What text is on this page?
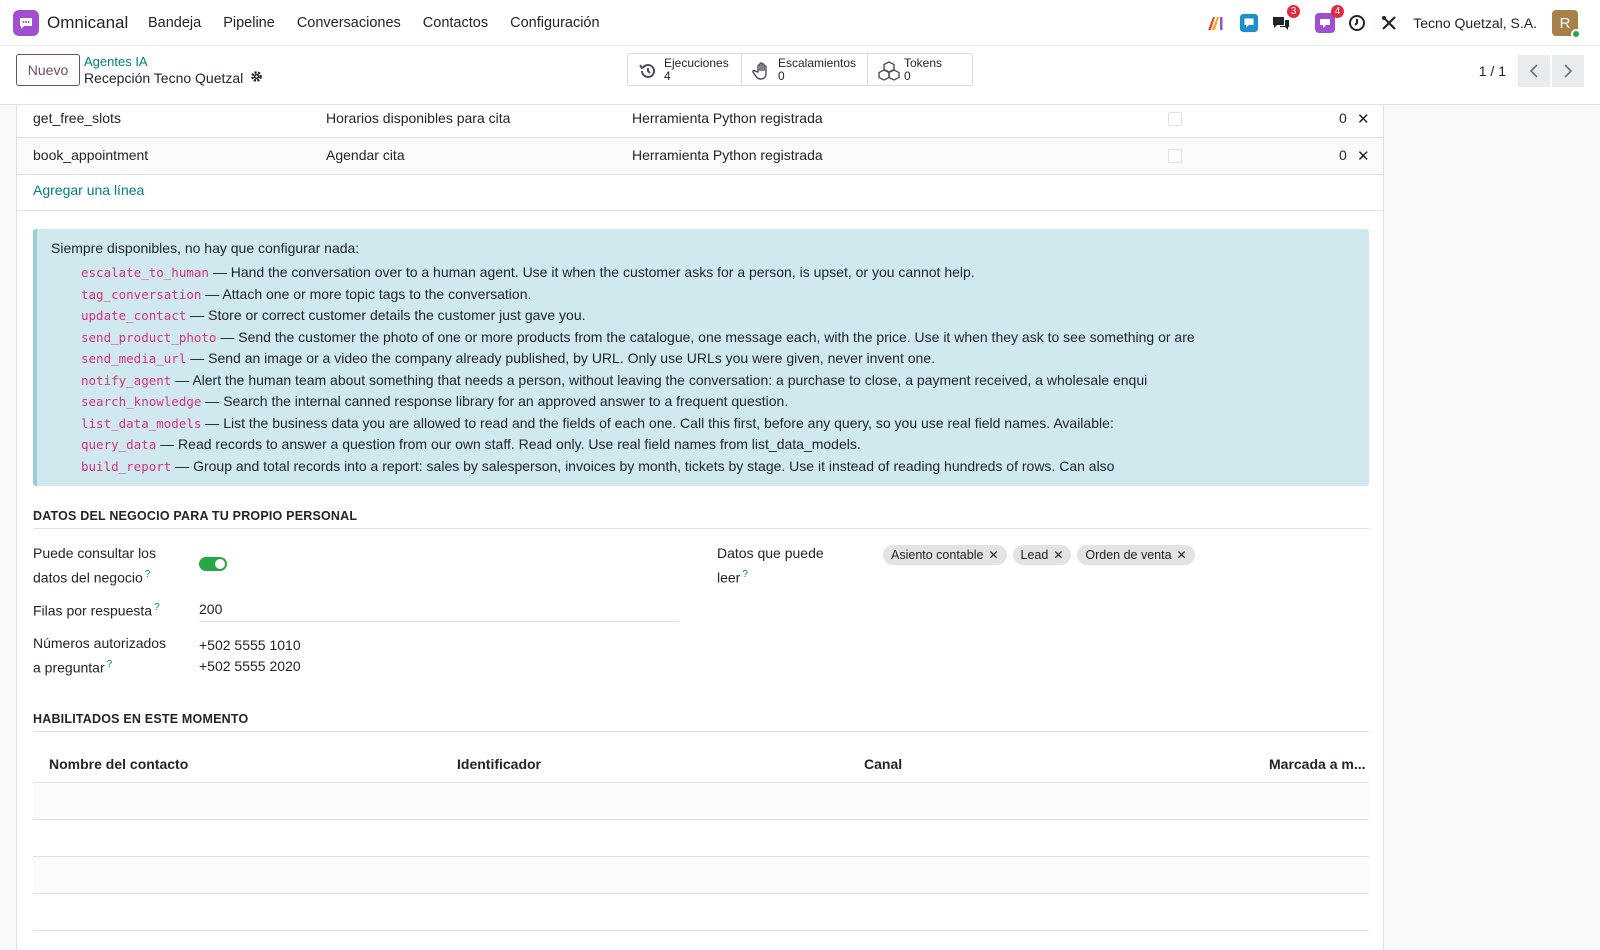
Omnicanal Bandeja Pipeline Conversaciones Contactos Configuración
3	4
Tecno Quetzal, S.A. R
Nuevo
Agentes IA
Recepción Tecno Quetzal
Ejecuciones
4
Escalamientos
0
Tokens
0	1 / 1
get_free_slots	Horarios disponibles para cita	Herramienta Python registrada	0 ✕
book_appointment	Agendar cita	Herramienta Python registrada	0 ✕
Agregar una línea
Siempre disponibles, no hay que configurar nada:
• escalate_to_human — Hand the conversation over to a human agent. Use it when the customer asks for a person, is upset, or you cannot help.
• tag_conversation — Attach one or more topic tags to the conversation.
• update_contact — Store or correct customer details the customer just gave you.
• send_product_photo — Send the customer the photo of one or more products from the catalogue, one message each, with the price. Use it when they ask to see something or are
• send_media_url — Send an image or a video the company already published, by URL. Only use URLs you were given, never invent one.
• notify_agent — Alert the human team about something that needs a person, without leaving the conversation: a purchase to close, a payment received, a wholesale enqui
• search_knowledge — Search the internal canned response library for an approved answer to a frequent question.
• list_data_models — List the business data you are allowed to read and the fields of each one. Call this first, before any query, so you use real field names. Available:
• query_data — Read records to answer a question from our own staff. Read only. Use real field names from list_data_models.
• build_report — Group and total records into a report: sales by salesperson, invoices by month, tickets by stage. Use it instead of reading hundreds of rows. Can also
DATOS DEL NEGOCIO PARA TU PROPIO PERSONAL
Puede consultar los
datos del negocio ?
Filas por respuesta ?	200
Números autorizados
a preguntar ?
+502 5555 1010
+502 5555 2020
Datos que puede
leer ?
Asiento contable ✕ Lead ✕ Orden de venta ✕
HABILITADOS EN ESTE MOMENTO
Nombre del contacto	Identificador	Canal	Marcada a m...
